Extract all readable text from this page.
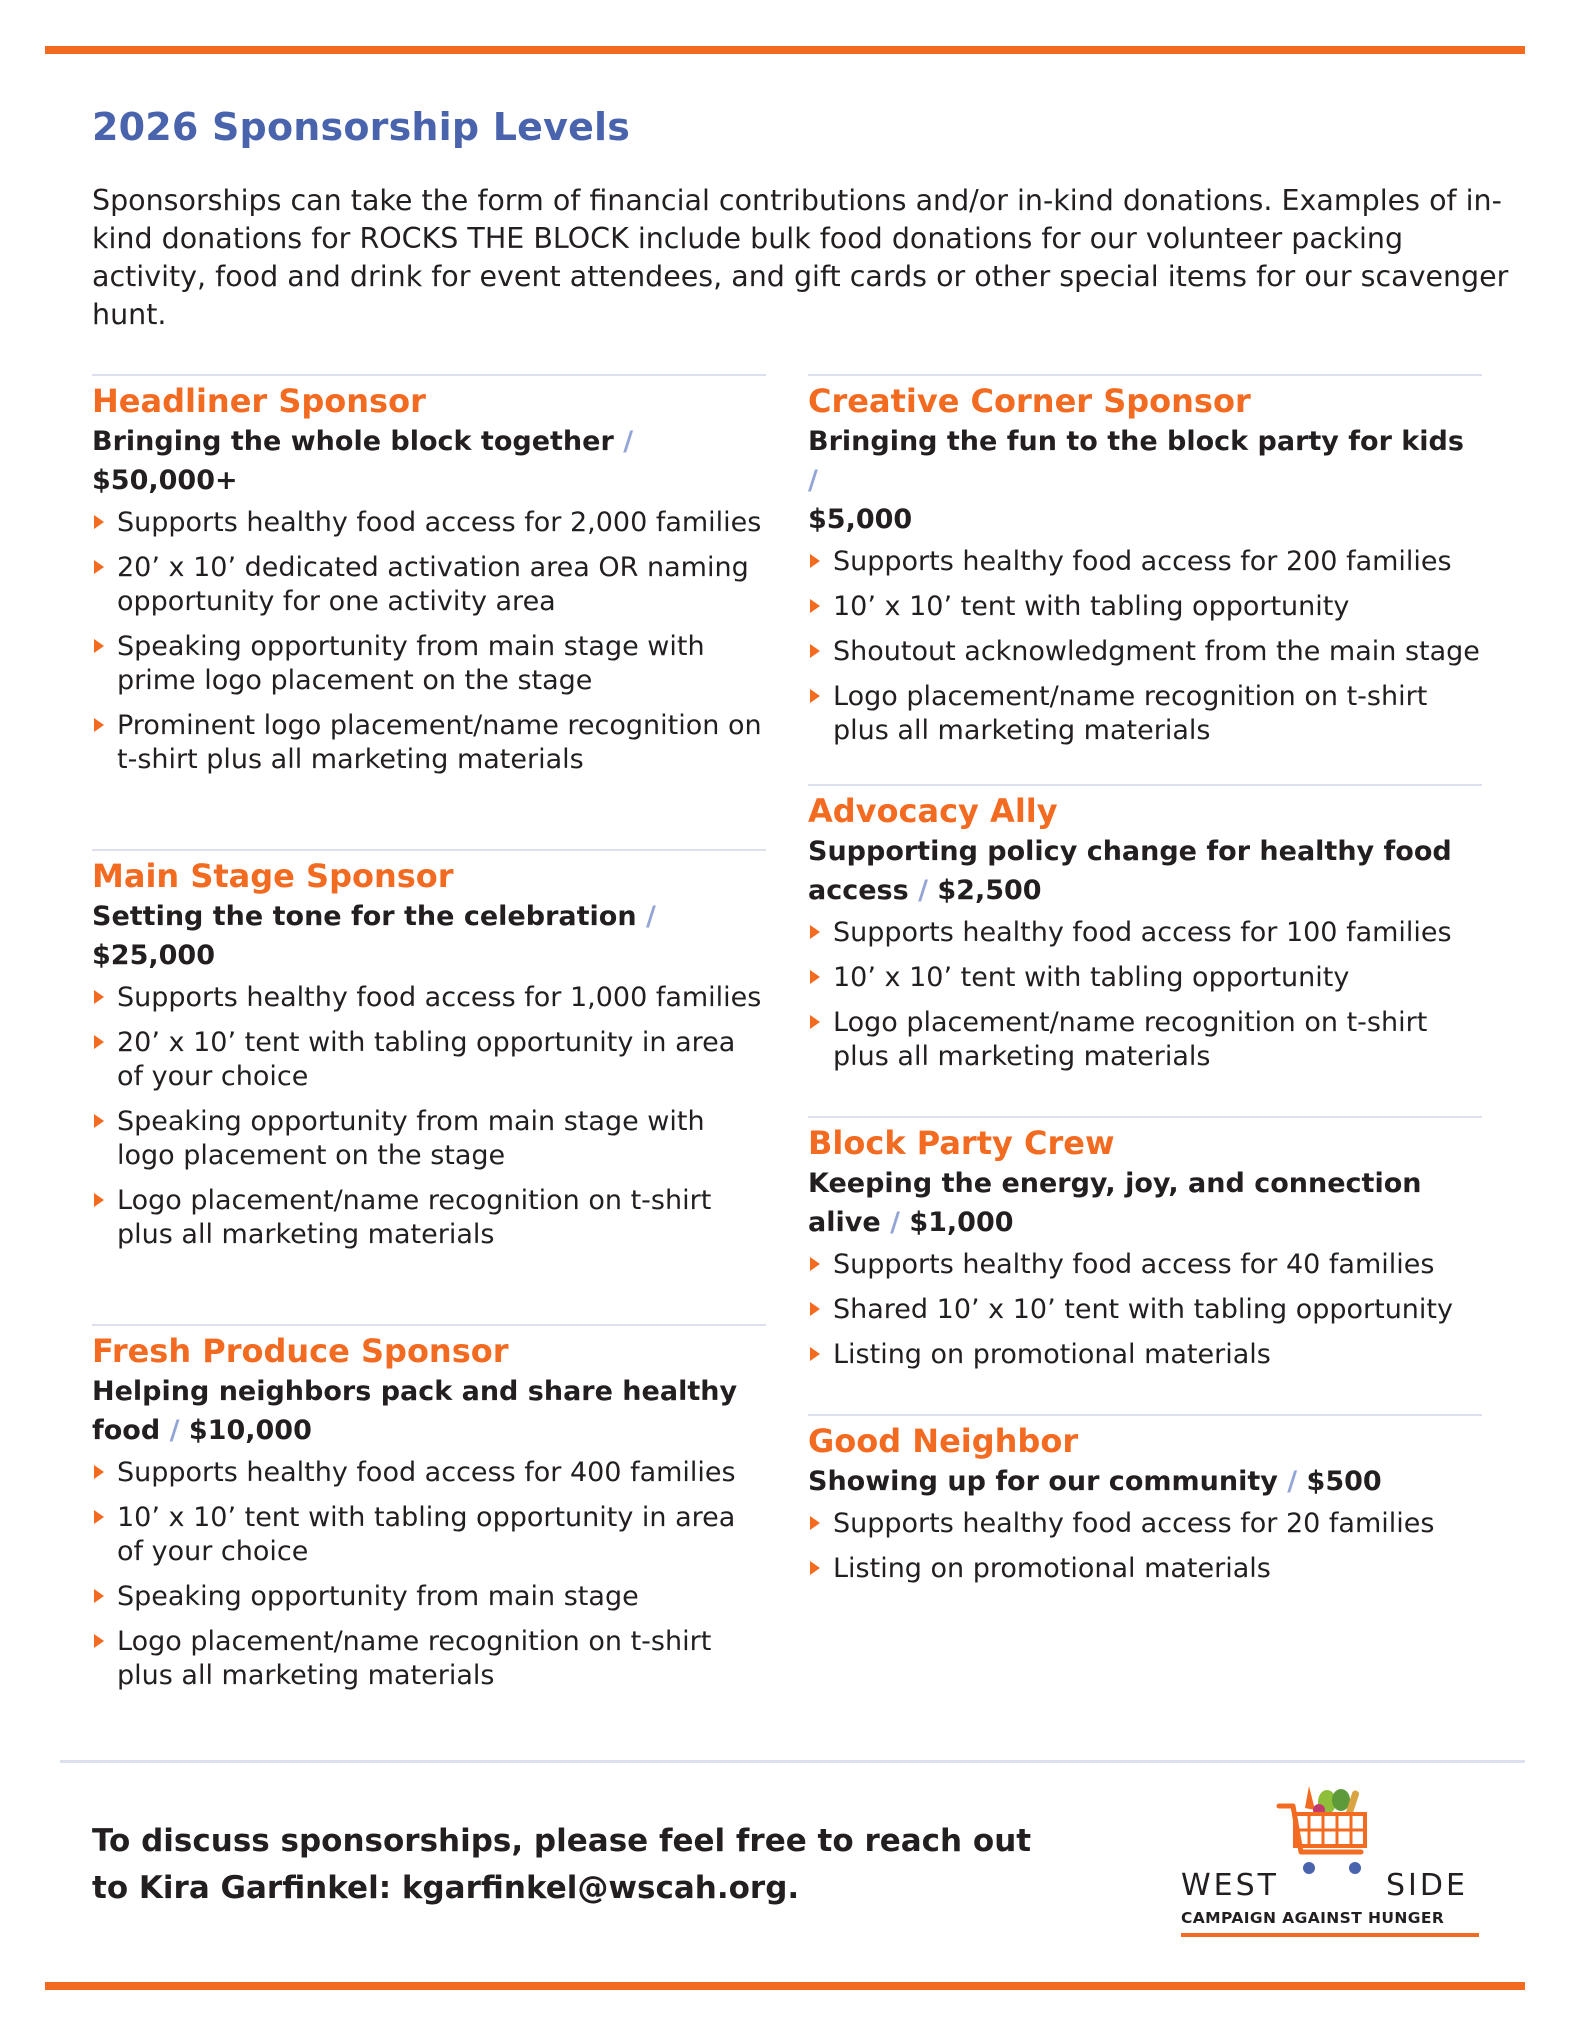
2026 Sponsorship Levels

Sponsorships can take the form of financial contributions and/or in-kind donations. Examples of in-kind donations for ROCKS THE BLOCK include bulk food donations for our volunteer packing activity, food and drink for event attendees, and gift cards or other special items for our scavenger hunt.

Headliner Sponsor
Bringing the whole block together /
$50,000+
Supports healthy food access for 2,000 families
20’ x 10’ dedicated activation area OR naming opportunity for one activity area
Speaking opportunity from main stage with prime logo placement on the stage
Prominent logo placement/name recognition on t-shirt plus all marketing materials
Main Stage Sponsor
Setting the tone for the celebration /
$25,000
Supports healthy food access for 1,000 families
20’ x 10’ tent with tabling opportunity in area of your choice
Speaking opportunity from main stage with logo placement on the stage
Logo placement/name recognition on t-shirt plus all marketing materials
Fresh Produce Sponsor
Helping neighbors pack and share healthy food / $10,000
Supports healthy food access for 400 families
10’ x 10’ tent with tabling opportunity in area of your choice
Speaking opportunity from main stage
Logo placement/name recognition on t-shirt plus all marketing materials
Creative Corner Sponsor
Bringing the fun to the block party for kids /
$5,000
Supports healthy food access for 200 families
10’ x 10’ tent with tabling opportunity
Shoutout acknowledgment from the main stage
Logo placement/name recognition on t-shirt plus all marketing materials
Advocacy Ally
Supporting policy change for healthy food access / $2,500
Supports healthy food access for 100 families
10’ x 10’ tent with tabling opportunity
Logo placement/name recognition on t-shirt plus all marketing materials
Block Party Crew
Keeping the energy, joy, and connection alive / $1,000
Supports healthy food access for 40 families
Shared 10’ x 10’ tent with tabling opportunity
Listing on promotional materials
Good Neighbor
Showing up for our community / $500
Supports healthy food access for 20 families
Listing on promotional materials
To discuss sponsorships, please feel free to reach out
to Kira Garfinkel: kgarfinkel@wscah.org.	WEST	SIDE
CAMPAIGN AGAINST HUNGER
